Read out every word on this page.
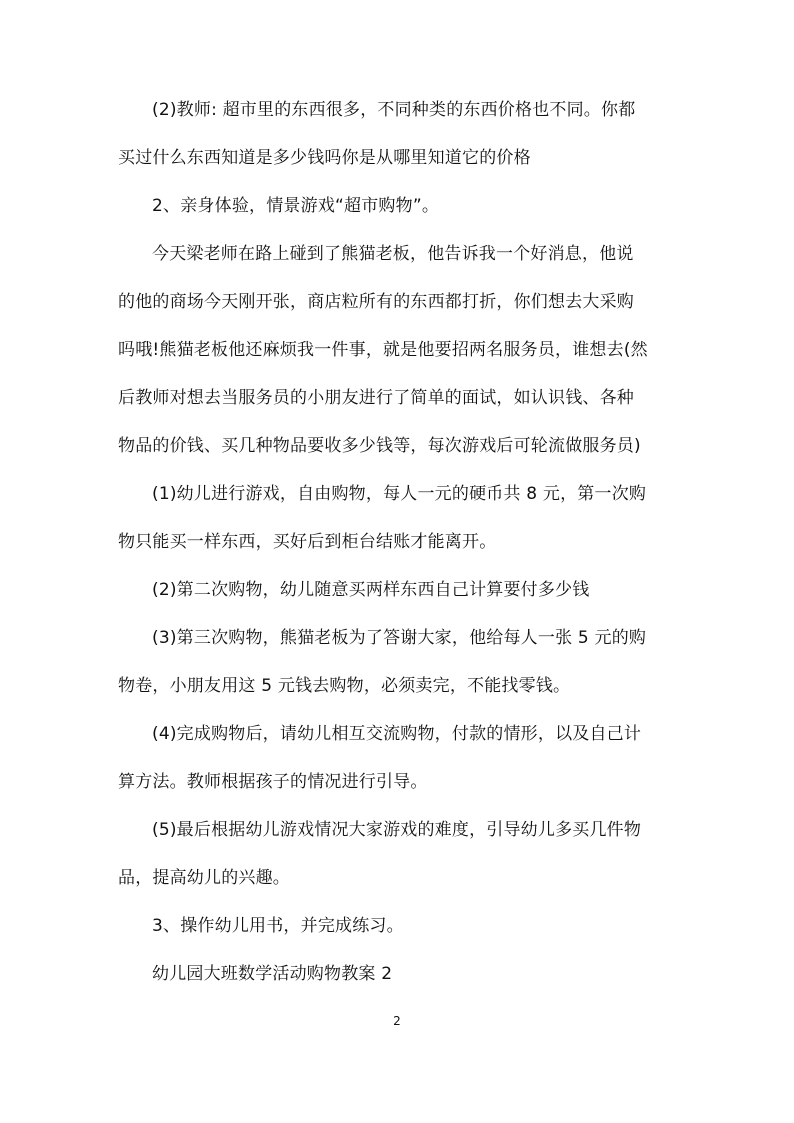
(2)教师: 超市里的东西很多，不同种类的东西价格也不同。你都
买过什么东西知道是多少钱吗你是从哪里知道它的价格
2、亲身体验，情景游戏“超市购物”。
今天梁老师在路上碰到了熊猫老板，他告诉我一个好消息，他说
的他的商场今天刚开张，商店粒所有的东西都打折，你们想去大采购
吗哦!熊猫老板他还麻烦我一件事，就是他要招两名服务员，谁想去(然
后教师对想去当服务员的小朋友进行了简单的面试，如认识钱、各种
物品的价钱、买几种物品要收多少钱等，每次游戏后可轮流做服务员)
(1)幼儿进行游戏，自由购物，每人一元的硬币共 8 元，第一次购
物只能买一样东西，买好后到柜台结账才能离开。
(2)第二次购物，幼儿随意买两样东西自己计算要付多少钱
(3)第三次购物，熊猫老板为了答谢大家，他给每人一张 5 元的购
物卷，小朋友用这 5 元钱去购物，必须卖完，不能找零钱。
(4)完成购物后，请幼儿相互交流购物，付款的情形，以及自己计
算方法。教师根据孩子的情况进行引导。
(5)最后根据幼儿游戏情况大家游戏的难度，引导幼儿多买几件物
品，提高幼儿的兴趣。
3、操作幼儿用书，并完成练习。
幼儿园大班数学活动购物教案 2
2
